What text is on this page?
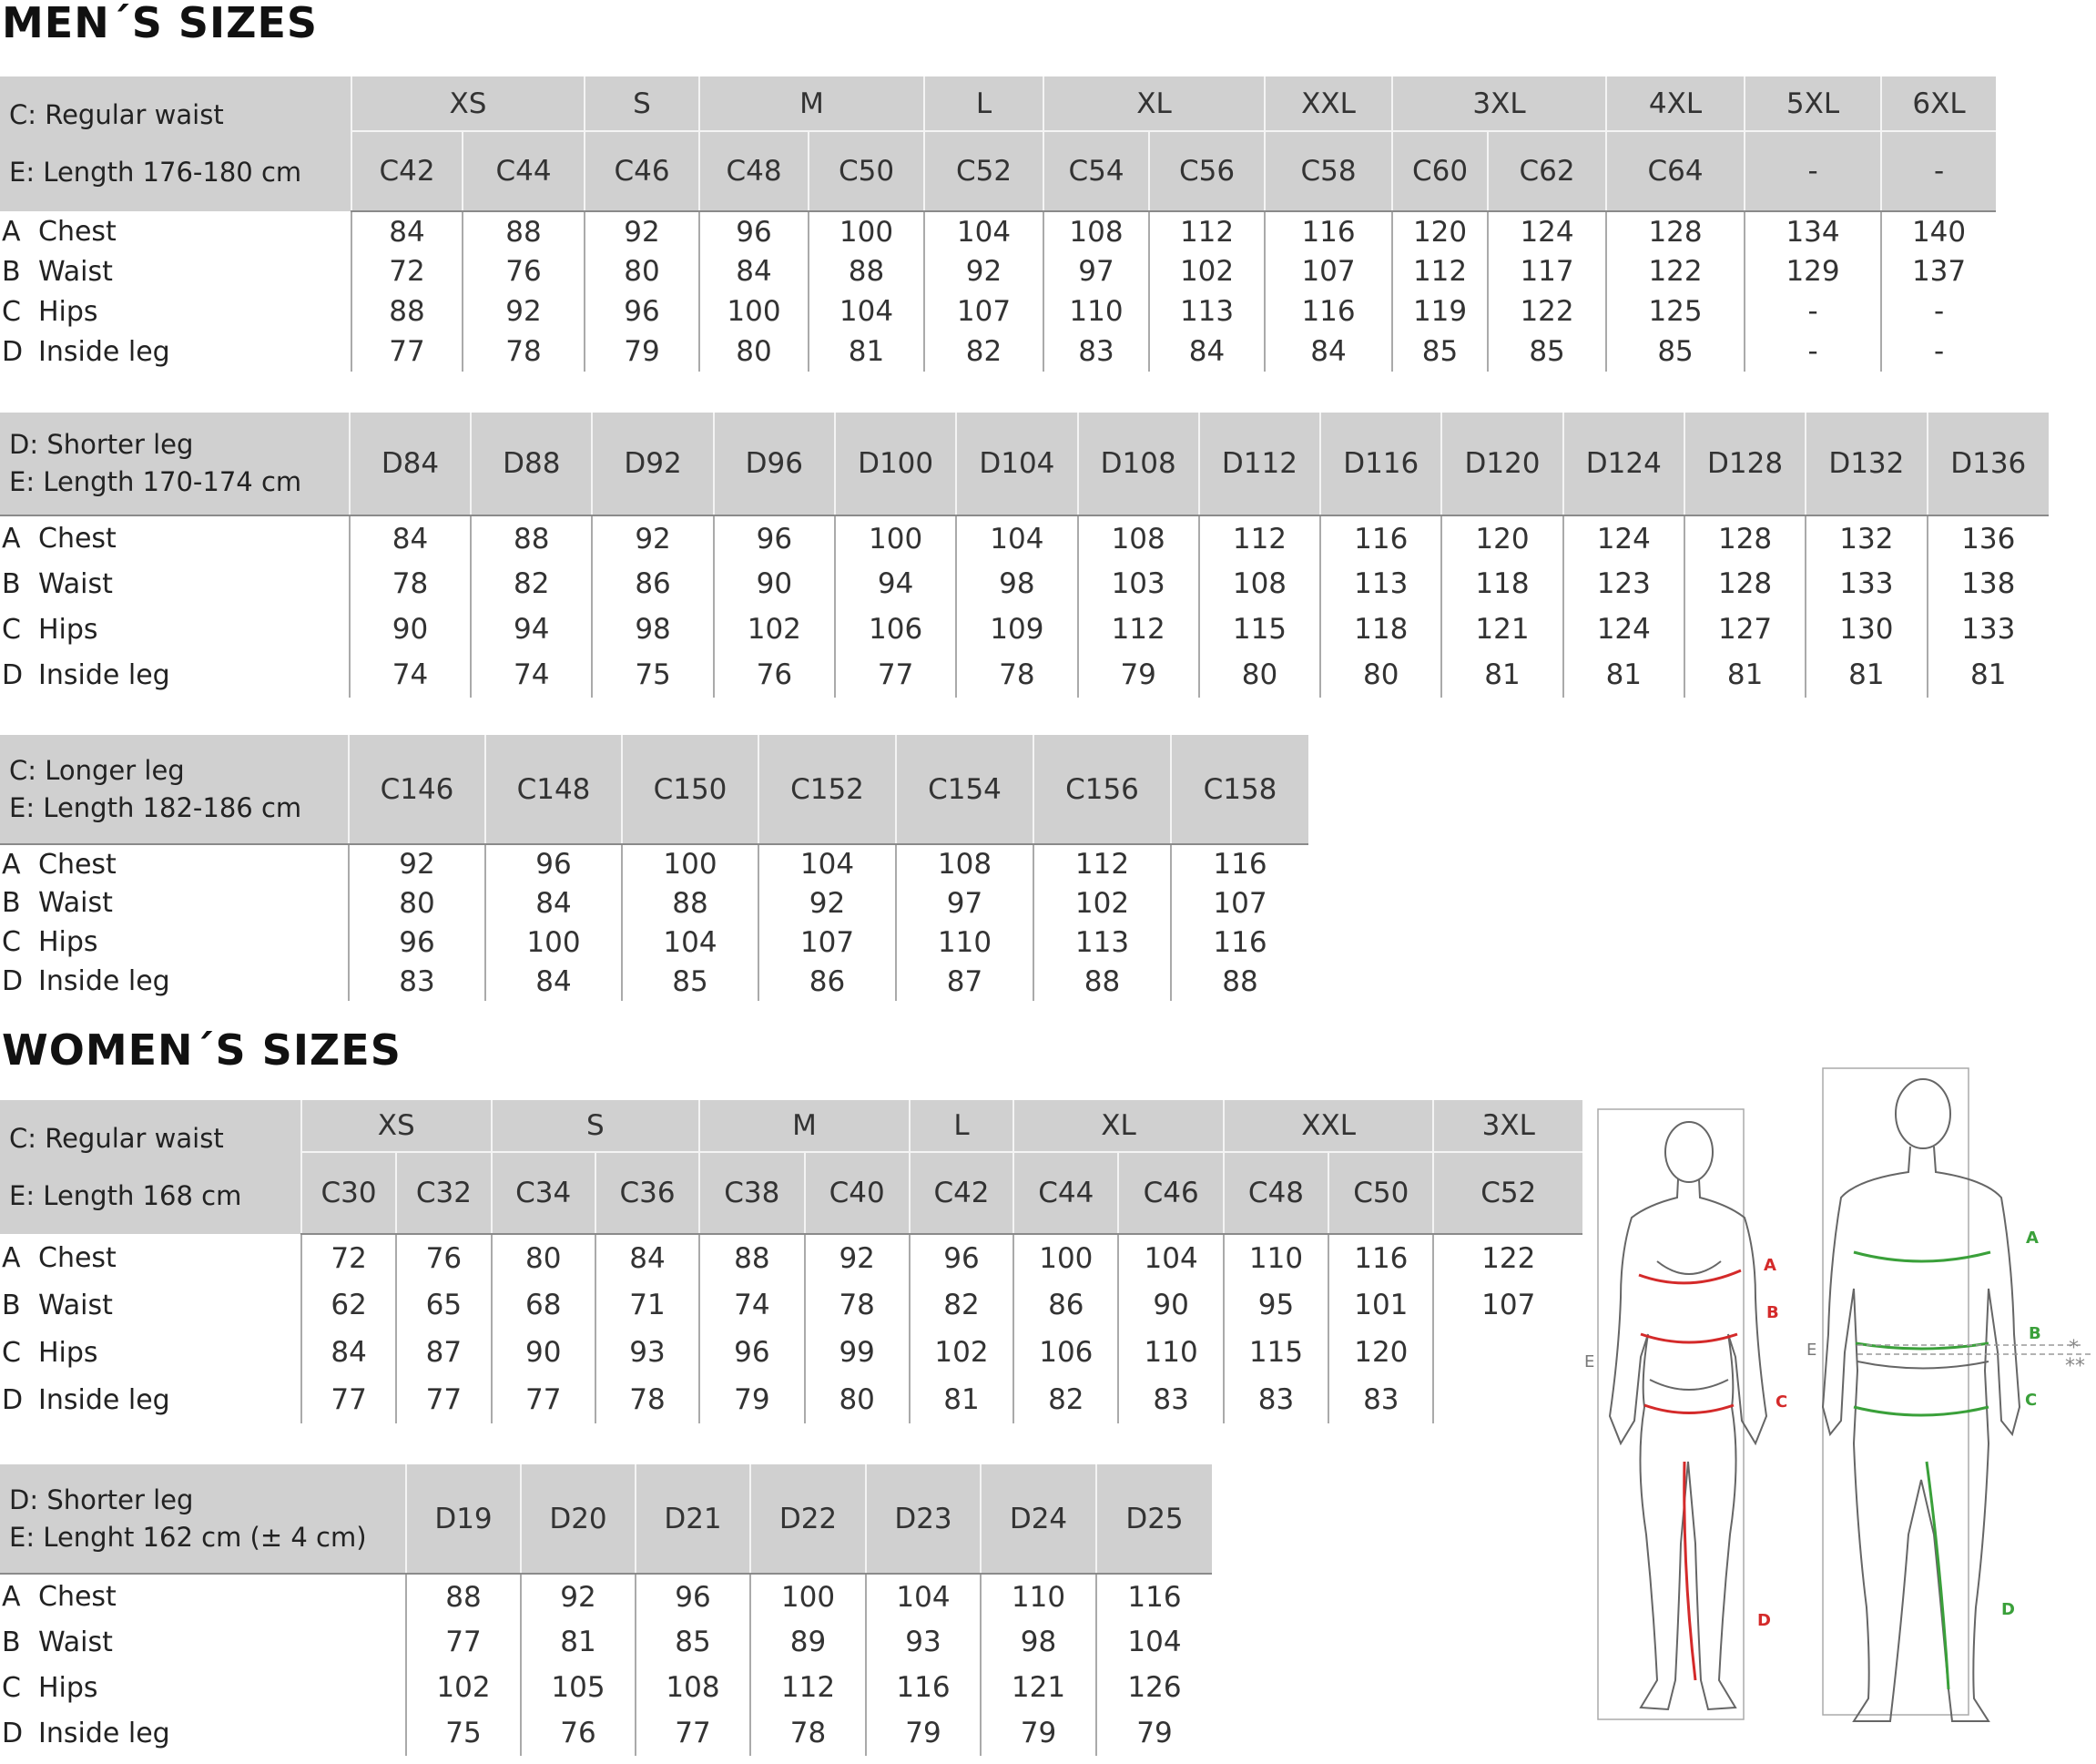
MEN´S SIZES
C: Regular waist
E: Length 176-180 cm	XS		S	M		L	XL		XXL	3XL		4XL	5XL	6XL
	C42	C44	C46	C48	C50	C52	C54	C56	C58	C60	C62	C64	-	-
A Chest	84	88	92	96	100	104	108	112	116	120	124	128	134	140
B Waist	72	76	80	84	88	92	97	102	107	112	117	122	129	137
C Hips	88	92	96	100	104	107	110	113	116	119	122	125	-	-
D Inside leg	77	78	79	80	81	82	83	84	84	85	85	85	-	-
D: Shorter leg
E: Length 170-174 cm	D84	D88	D92	D96	D100	D104	D108	D112	D116	D120	D124	D128	D132	D136
A Chest	84	88	92	96	100	104	108	112	116	120	124	128	132	136
B Waist	78	82	86	90	94	98	103	108	113	118	123	128	133	138
C Hips	90	94	98	102	106	109	112	115	118	121	124	127	130	133
D Inside leg	74	74	75	76	77	78	79	80	80	81	81	81	81	81
C: Longer leg
E: Length 182-186 cm	C146	C148	C150	C152	C154	C156	C158
A Chest	92	96	100	104	108	112	116
B Waist	80	84	88	92	97	102	107
C Hips	96	100	104	107	110	113	116
D Inside leg	83	84	85	86	87	88	88
WOMEN´S SIZES
C: Regular waist
E: Length 168 cm	XS		S		M		L	XL		XXL		3XL
	C30	C32	C34	C36	C38	C40	C42	C44	C46	C48	C50	C52
A Chest	72	76	80	84	88	92	96	100	104	110	116	122
B Waist	62	65	68	71	74	78	82	86	90	95	101	107
C Hips	84	87	90	93	96	99	102	106	110	115	120	
D Inside leg	77	77	77	78	79	80	81	82	83	83	83	
D: Shorter leg
E: Lenght 162 cm (± 4 cm)	D19	D20	D21	D22	D23	D24	D25
A Chest	88	92	96	100	104	110	116
B Waist	77	81	85	89	93	98	104
C Hips	102	105	108	112	116	121	126
D Inside leg	75	76	77	78	79	79	79
A
B
C
D
E
A
B
C
D
E	*
**
